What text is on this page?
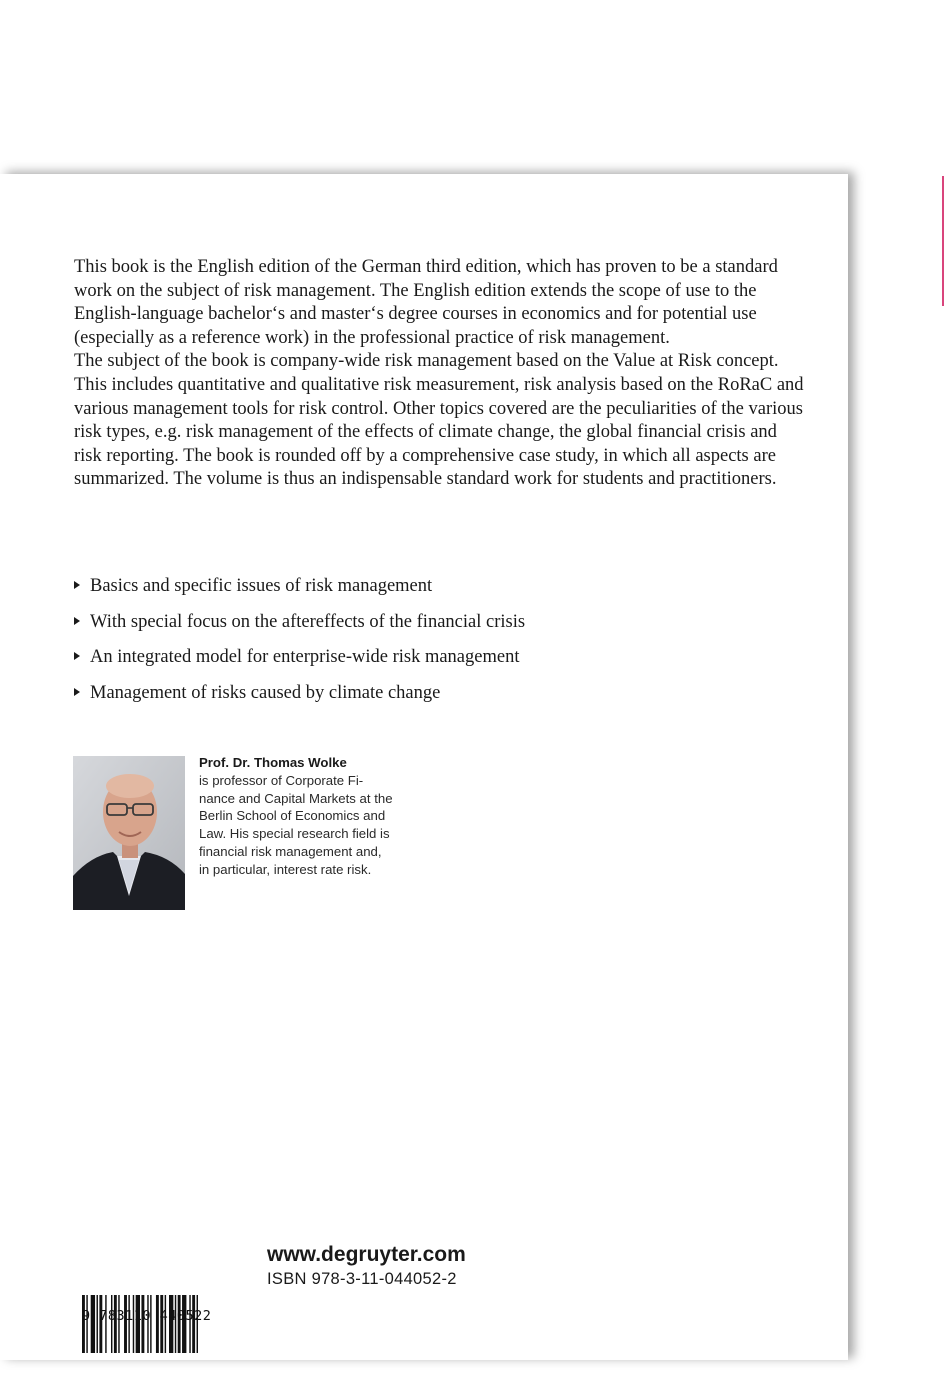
This book is the English edition of the German third edition, which has proven to be a standard work on the subject of risk management. The English edition extends the scope of use to the English-language bachelor‘s and master‘s degree courses in economics and for potential use (especially as a reference work) in the professional practice of risk management.

The subject of the book is company-wide risk management based on the Value at Risk concept. This includes quantitative and qualitative risk measurement, risk analysis based on the RoRaC and various management tools for risk control. Other topics covered are the peculiarities of the various risk types, e.g. risk management of the effects of climate change, the global financial crisis and risk reporting. The book is rounded off by a comprehensive case study, in which all aspects are summarized. The volume is thus an indispensable standard work for students and practitioners.

Basics and specific issues of risk management
With special focus on the aftereffects of the financial crisis
An integrated model for enterprise-wide risk management
Management of risks caused by climate change
Prof. Dr. Thomas Wolke
is professor of Corporate Fi-
nance and Capital Markets at the
Berlin School of Economics and
Law. His special research field is
financial risk management and,
in particular, interest rate risk.
9 783110 440522
www.degruyter.com
ISBN 978-3-11-044052-2
